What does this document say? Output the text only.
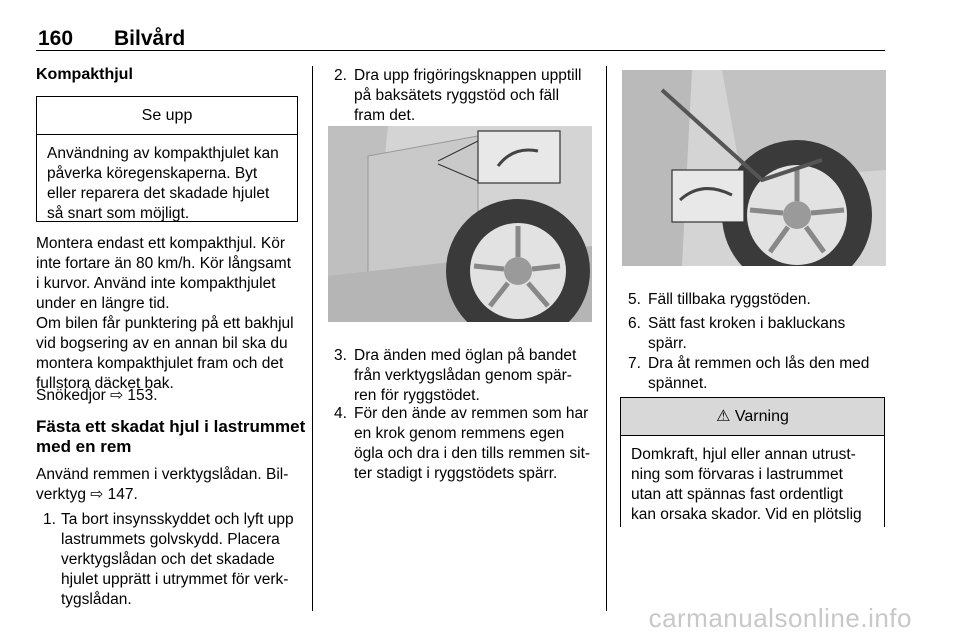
160 Bilvård
Kompakthjul
Se upp
Användning av kompakthjulet kan
påverka köregenskaperna. Byt
eller reparera det skadade hjulet
så snart som möjligt.
Montera endast ett kompakthjul. Kör
inte fortare än 80 km/h. Kör långsamt
i kurvor. Använd inte kompakthjulet
under en längre tid.
Om bilen får punktering på ett bakhjul
vid bogsering av en annan bil ska du
montera kompakthjulet fram och det
fullstora däcket bak.
Snökedjor ⇨ 153.
Fästa ett skadat hjul i lastrummet
med en rem
Använd remmen i verktygslådan. Bil-
verktyg ⇨ 147.
1. Ta bort insynsskyddet och lyft upp
lastrummets golvskydd. Placera
verktygslådan och det skadade
hjulet upprätt i utrymmet för verk-
tygslådan.
2. Dra upp frigöringsknappen upptill
på baksätets ryggstöd och fäll
fram det.
3. Dra änden med öglan på bandet
från verktygslådan genom spär-
ren för ryggstödet.
4. För den ände av remmen som har
en krok genom remmens egen
ögla och dra i den tills remmen sit-
ter stadigt i ryggstödets spärr.
5. Fäll tillbaka ryggstöden.
6. Sätt fast kroken i bakluckans
spärr.
7. Dra åt remmen och lås den med
spännet.
⚠ Varning
Domkraft, hjul eller annan utrust-
ning som förvaras i lastrummet
utan att spännas fast ordentligt
kan orsaka skador. Vid en plötslig
carmanualsonline.info
